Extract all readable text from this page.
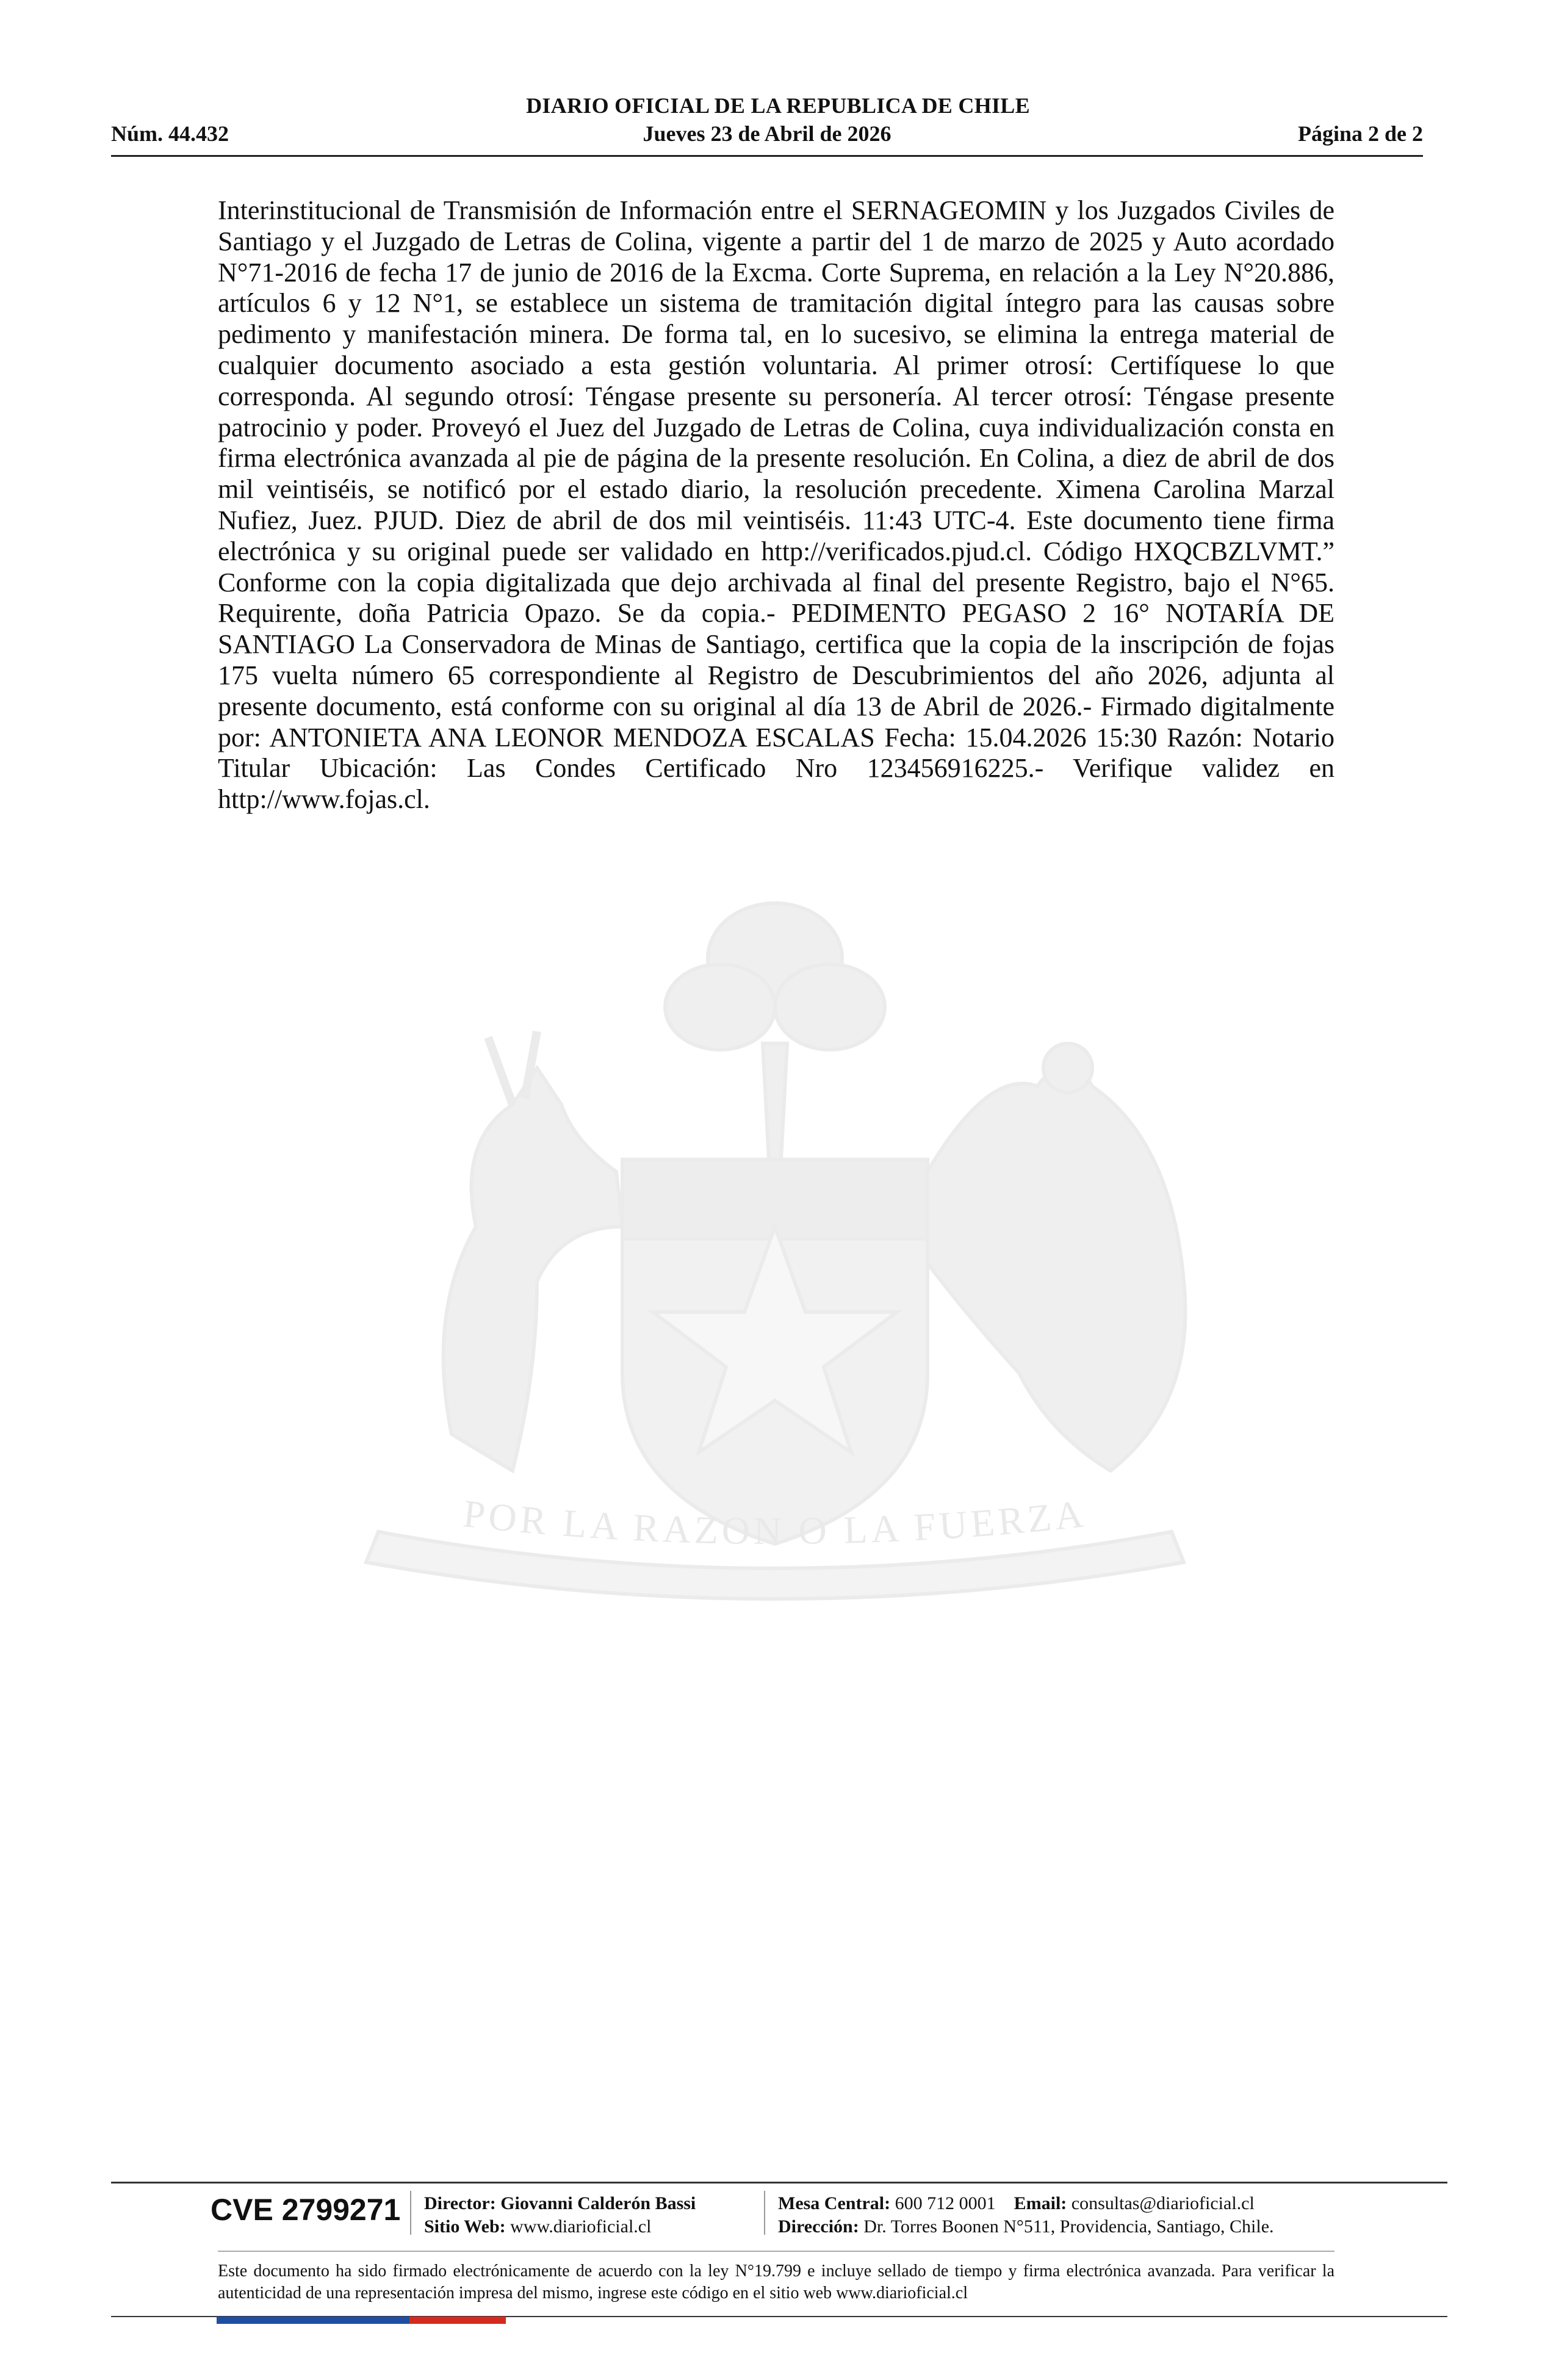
DIARIO OFICIAL DE LA REPUBLICA DE CHILE
Núm. 44.432	Jueves 23 de Abril de 2026	Página 2 de 2
POR LA RAZON O LA FUERZA
Interinstitucional de Transmisión de Información entre el SERNAGEOMIN y los Juzgados Civiles de Santiago y el Juzgado de Letras de Colina, vigente a partir del 1 de marzo de 2025 y Auto acordado N°71-2016 de fecha 17 de junio de 2016 de la Excma. Corte Suprema, en relación a la Ley N°20.886, artículos 6 y 12 N°1, se establece un sistema de tramitación digital íntegro para las causas sobre pedimento y manifestación minera. De forma tal, en lo sucesivo, se elimina la entrega material de cualquier documento asociado a esta gestión voluntaria. Al primer otrosí: Certifíquese lo que corresponda. Al segundo otrosí: Téngase presente su personería. Al tercer otrosí: Téngase presente patrocinio y poder. Proveyó el Juez del Juzgado de Letras de Colina, cuya individualización consta en firma electrónica avanzada al pie de página de la presente resolución. En Colina, a diez de abril de dos mil veintiséis, se notificó por el estado diario, la resolución precedente. Ximena Carolina Marzal Nufiez, Juez. PJUD. Diez de abril de dos mil veintiséis. 11:43 UTC-4. Este documento tiene firma electrónica y su original puede ser validado en http://verificados.pjud.cl. Código HXQCBZLVMT.” Conforme con la copia digitalizada que dejo archivada al final del presente Registro, bajo el N°65. Requirente, doña Patricia Opazo. Se da copia.- PEDIMENTO PEGASO 2 16° NOTARÍA DE SANTIAGO La Conservadora de Minas de Santiago, certifica que la copia de la inscripción de fojas 175 vuelta número 65 correspondiente al Registro de Descubrimientos del año 2026, adjunta al presente documento, está conforme con su original al día 13 de Abril de 2026.- Firmado digitalmente por: ANTONIETA ANA LEONOR MENDOZA ESCALAS Fecha: 15.04.2026 15:30 Razón: Notario Titular Ubicación: Las Condes Certificado Nro 123456916225.- Verifique validez en http://www.fojas.cl.
CVE 2799271 Director: Giovanni Calderón Bassi
Sitio Web: www.diarioficial.cl
Mesa Central: 600 712 0001 Email: consultas@diarioficial.cl
Dirección: Dr. Torres Boonen N°511, Providencia, Santiago, Chile.
Este documento ha sido firmado electrónicamente de acuerdo con la ley N°19.799 e incluye sellado de tiempo y firma electrónica avanzada. Para verificar la autenticidad de una representación impresa del mismo, ingrese este código en el sitio web www.diarioficial.cl
